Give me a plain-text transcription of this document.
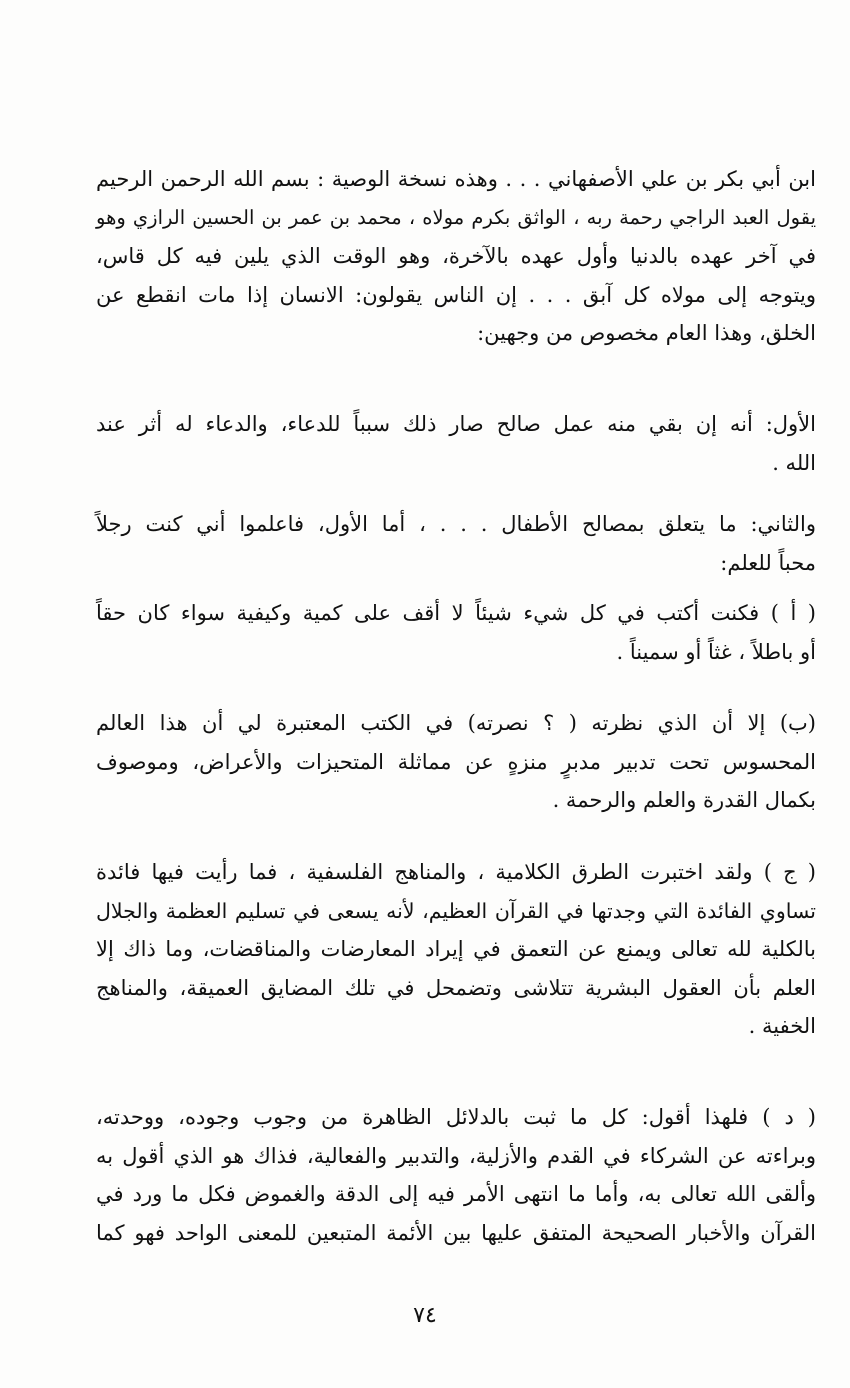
ابن أبي بكر بن علي الأصفهاني . . . وهذه نسخة الوصية : بسم الله الرحمن الرحيم
يقول العبد الراجي رحمة ربه ، الواثق بكرم مولاه ، محمد بن عمر بن الحسين الرازي وهو
في آخر عهده بالدنيا وأول عهده بالآخرة، وهو الوقت الذي يلين فيه كل قاس،
ويتوجه إلى مولاه كل آبق . . . إن الناس يقولون: الانسان إذا مات انقطع عن
الخلق، وهذا العام مخصوص من وجهين:
الأول: أنه إن بقي منه عمل صالح صار ذلك سبباً للدعاء، والدعاء له أثر عند
الله .
والثاني: ما يتعلق بمصالح الأطفال . . . ، أما الأول، فاعلموا أني كنت رجلاً
محباً للعلم:
( أ ) فكنت أكتب في كل شيء شيئاً لا أقف على كمية وكيفية سواء كان حقاً
أو باطلاً ، غثاً أو سميناً .
(ب) إلا أن الذي نظرته ( ؟ نصرته) في الكتب المعتبرة لي أن هذا العالم
المحسوس تحت تدبير مدبرٍ منزهٍ عن مماثلة المتحيزات والأعراض، وموصوف
بكمال القدرة والعلم والرحمة .
( ج ) ولقد اختبرت الطرق الكلامية ، والمناهج الفلسفية ، فما رأيت فيها فائدة
تساوي الفائدة التي وجدتها في القرآن العظيم، لأنه يسعى في تسليم العظمة والجلال
بالكلية لله تعالى ويمنع عن التعمق في إيراد المعارضات والمناقضات، وما ذاك إلا
العلم بأن العقول البشرية تتلاشى وتضمحل في تلك المضايق العميقة، والمناهج
الخفية .
( د ) فلهذا أقول: كل ما ثبت بالدلائل الظاهرة من وجوب وجوده، ووحدته،
وبراءته عن الشركاء في القدم والأزلية، والتدبير والفعالية، فذاك هو الذي أقول به
وألقى الله تعالى به، وأما ما انتهى الأمر فيه إلى الدقة والغموض فكل ما ورد في
القرآن والأخبار الصحيحة المتفق عليها بين الأئمة المتبعين للمعنى الواحد فهو كما
٧٤
